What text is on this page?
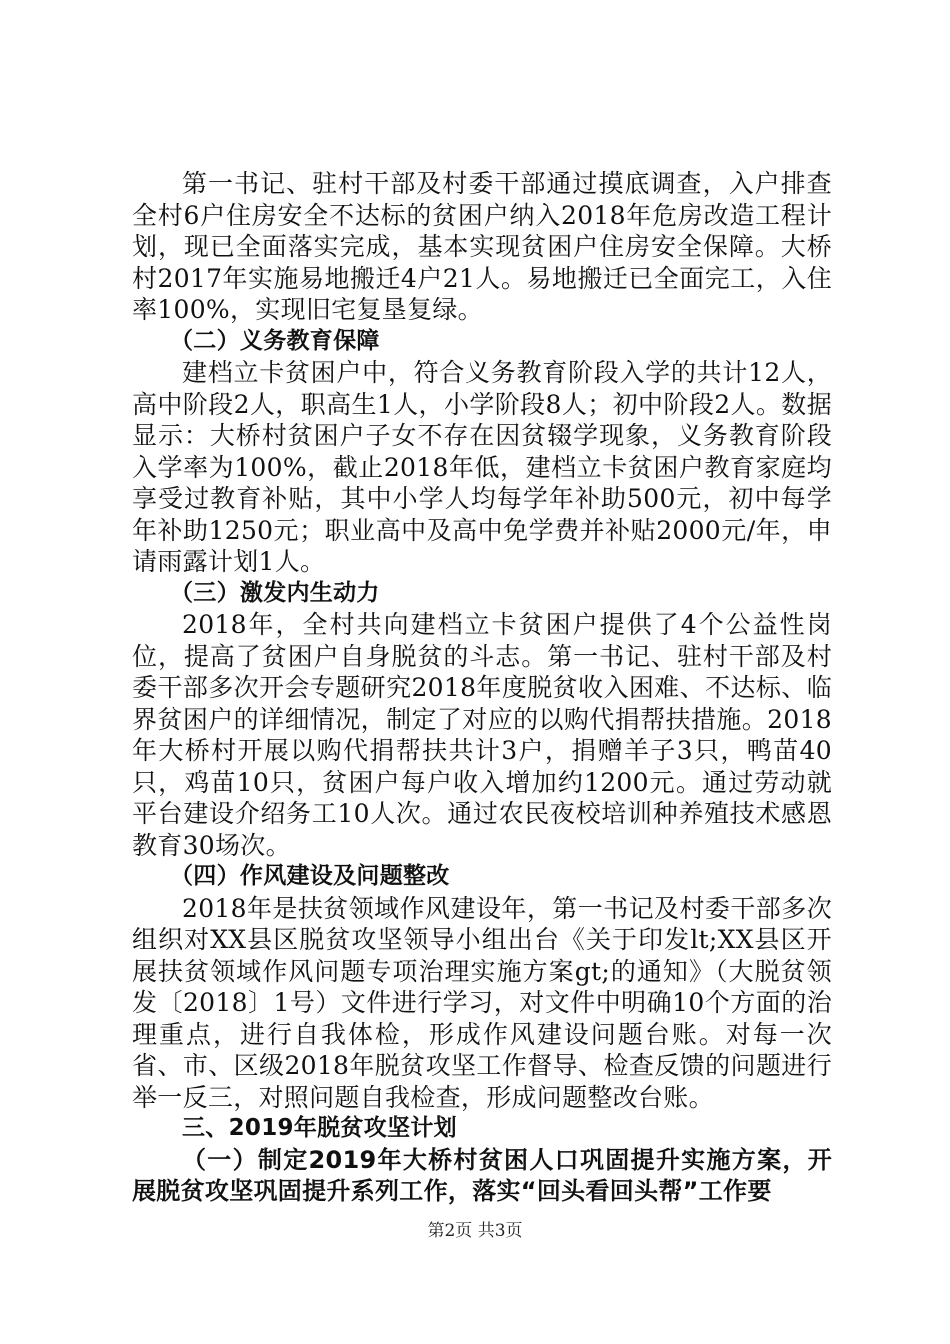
第一书记、驻村干部及村委干部通过摸底调查，入户排查全村6户住房安全不达标的贫困户纳入2018年危房改造工程计划，现已全面落实完成，基本实现贫困户住房安全保障。大桥村2017年实施易地搬迁4户21人。易地搬迁已全面完工，入住率100%，实现旧宅复垦复绿。

（二）义务教育保障

建档立卡贫困户中，符合义务教育阶段入学的共计12人，高中阶段2人，职高生1人，小学阶段8人；初中阶段2人。数据显示：大桥村贫困户子女不存在因贫辍学现象，义务教育阶段入学率为100%，截止2018年低，建档立卡贫困户教育家庭均享受过教育补贴，其中小学人均每学年补助500元，初中每学年补助1250元；职业高中及高中免学费并补贴2000元/年，申请雨露计划1人。

（三）激发内生动力

2018年，全村共向建档立卡贫困户提供了4个公益性岗位，提高了贫困户自身脱贫的斗志。第一书记、驻村干部及村委干部多次开会专题研究2018年度脱贫收入困难、不达标、临界贫困户的详细情况，制定了对应的以购代捐帮扶措施。2018年大桥村开展以购代捐帮扶共计3户，捐赠羊子3只，鸭苗40只，鸡苗10只，贫困户每户收入增加约1200元。通过劳动就平台建设介绍务工10人次。通过农民夜校培训种养殖技术感恩教育30场次。

（四）作风建设及问题整改

2018年是扶贫领域作风建设年，第一书记及村委干部多次组织对XX县区脱贫攻坚领导小组出台《关于印发lt;XX县区开展扶贫领域作风问题专项治理实施方案gt;的通知》（大脱贫领发〔2018〕1号）文件进行学习，对文件中明确10个方面的治理重点，进行自我体检，形成作风建设问题台账。对每一次省、市、区级2018年脱贫攻坚工作督导、检查反馈的问题进行举一反三，对照问题自我检查，形成问题整改台账。

三、2019年脱贫攻坚计划

（一）制定2019年大桥村贫困人口巩固提升实施方案，开展脱贫攻坚巩固提升系列工作，落实“回头看回头帮”工作要

第2页 共3页
